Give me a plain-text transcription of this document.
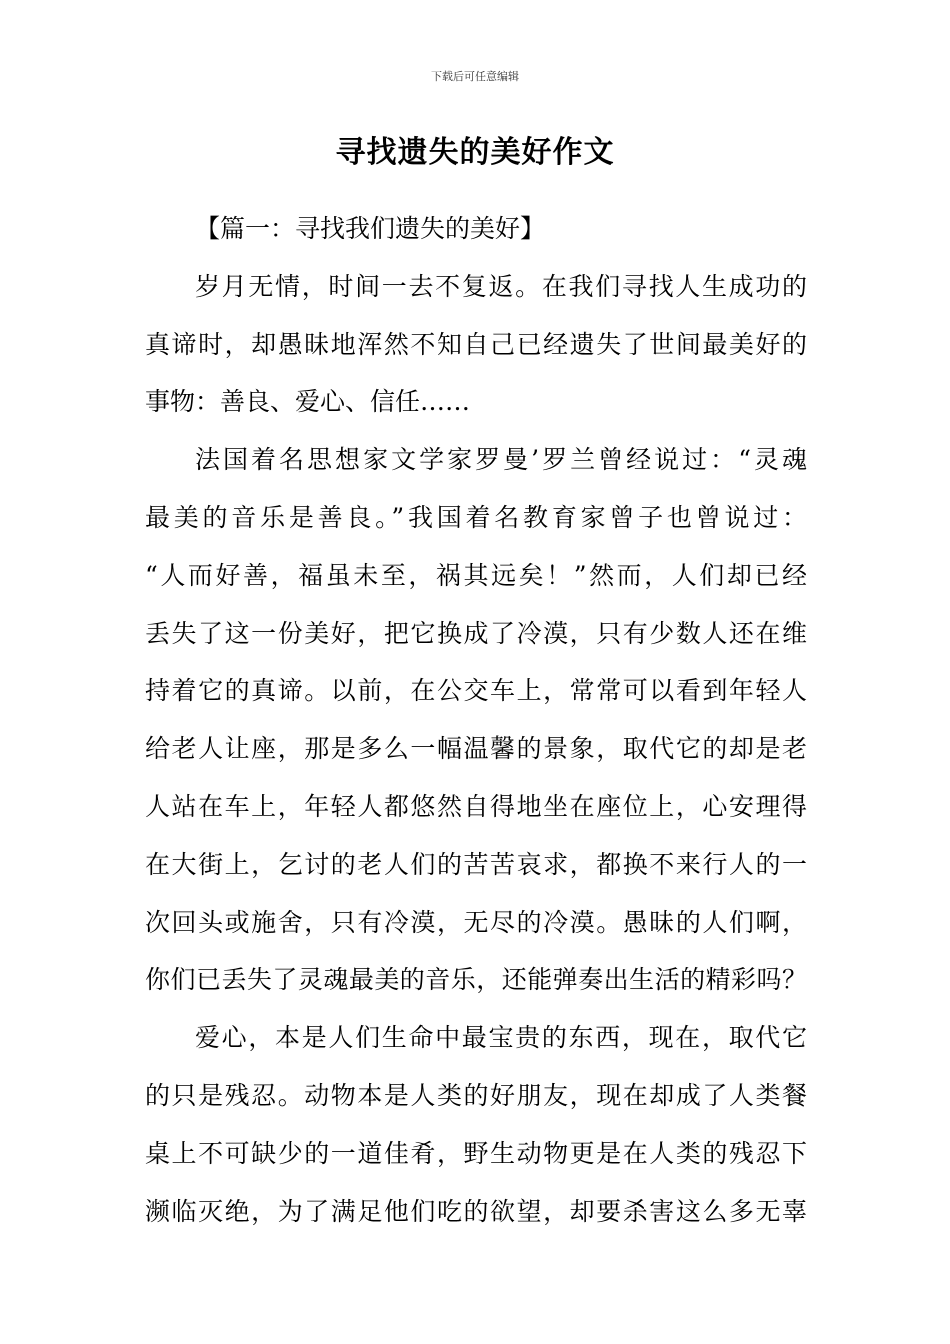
下载后可任意编辑
寻找遗失的美好作文
【篇一：寻找我们遗失的美好】
岁月无情，时间一去不复返。在我们寻找人生成功的
真谛时，却愚昧地浑然不知自己已经遗失了世间最美好的
事物：善良、爱心、信任……
法国着名思想家文学家罗曼’罗兰曾经说过：“灵魂
最美的音乐是善良。”我国着名教育家曾子也曾说过：
“人而好善，福虽未至，祸其远矣！”然而，人们却已经
丢失了这一份美好，把它换成了冷漠，只有少数人还在维
持着它的真谛。以前，在公交车上，常常可以看到年轻人
给老人让座，那是多么一幅温馨的景象，取代它的却是老
人站在车上，年轻人都悠然自得地坐在座位上，心安理得
在大街上，乞讨的老人们的苦苦哀求，都换不来行人的一
次回头或施舍，只有冷漠，无尽的冷漠。愚昧的人们啊，
你们已丢失了灵魂最美的音乐，还能弹奏出生活的精彩吗？
爱心，本是人们生命中最宝贵的东西，现在，取代它
的只是残忍。动物本是人类的好朋友，现在却成了人类餐
桌上不可缺少的一道佳肴，野生动物更是在人类的残忍下
濒临灭绝，为了满足他们吃的欲望，却要杀害这么多无辜
